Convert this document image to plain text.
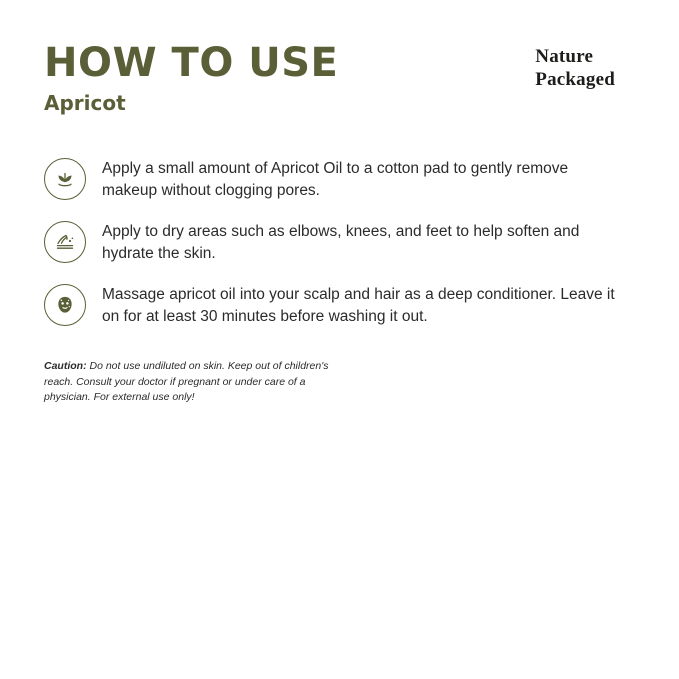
HOW TO USE
Apricot
Nature
Packaged
Apply a small amount of Apricot Oil to a cotton pad to gently remove makeup without clogging pores.
Apply to dry areas such as elbows, knees, and feet to help soften and hydrate the skin.
Massage apricot oil into your scalp and hair as a deep conditioner. Leave it on for at least 30 minutes before washing it out.
Caution: Do not use undiluted on skin. Keep out of children's reach. Consult your doctor if pregnant or under care of a physician. For external use only!
